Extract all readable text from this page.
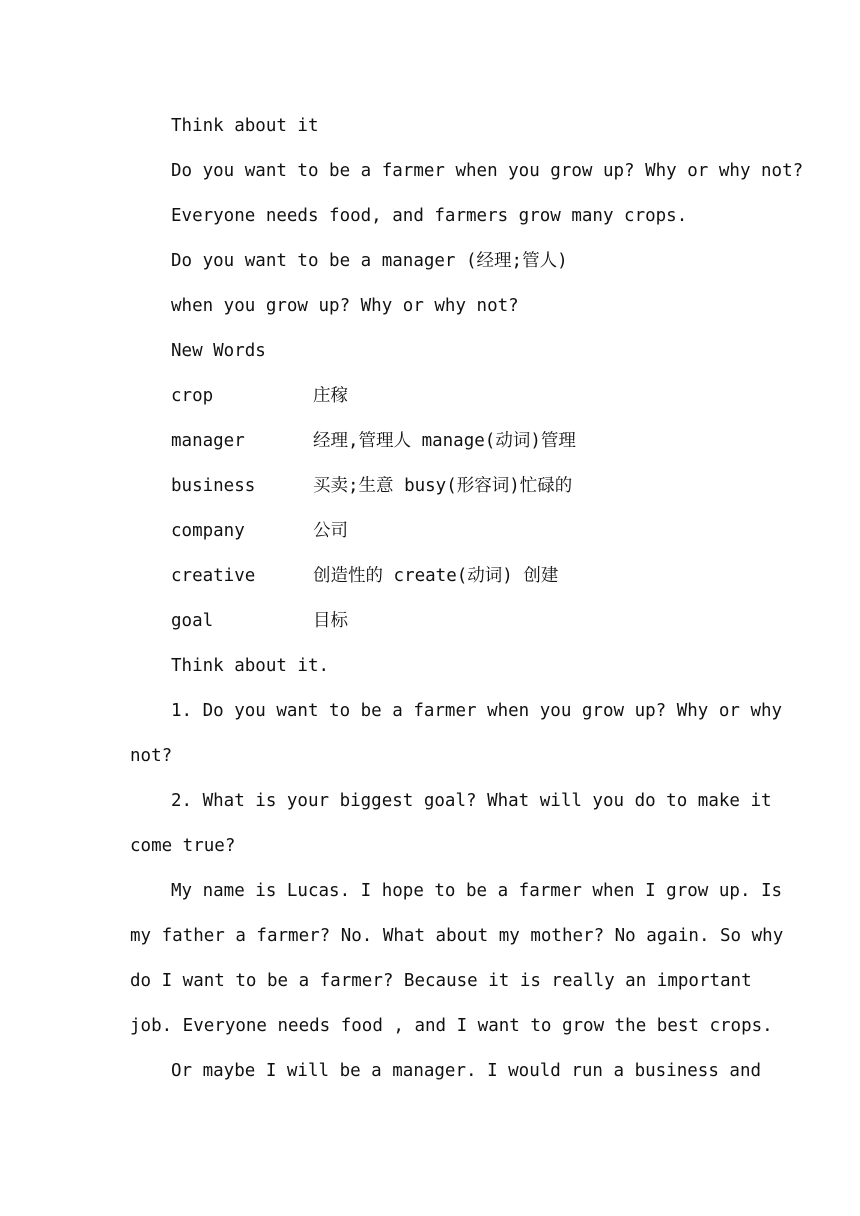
Think about it
Do you want to be a farmer when you grow up? Why or why not?
Everyone needs food, and farmers grow many crops.
Do you want to be a manager (经理;管人)
when you grow up? Why or why not?
New Words
crop	庄稼
manager	经理,管理人 manage(动词)管理
business	买卖;生意 busy(形容词)忙碌的
company	公司
creative	创造性的 create(动词) 创建
goal	目标
Think about it.
1. Do you want to be a farmer when you grow up? Why or why
not?
2. What is your biggest goal? What will you do to make it
come true?
My name is Lucas. I hope to be a farmer when I grow up. Is
my father a farmer? No. What about my mother? No again. So why
do I want to be a farmer? Because it is really an important
job. Everyone needs food , and I want to grow the best crops.
Or maybe I will be a manager. I would run a business and
